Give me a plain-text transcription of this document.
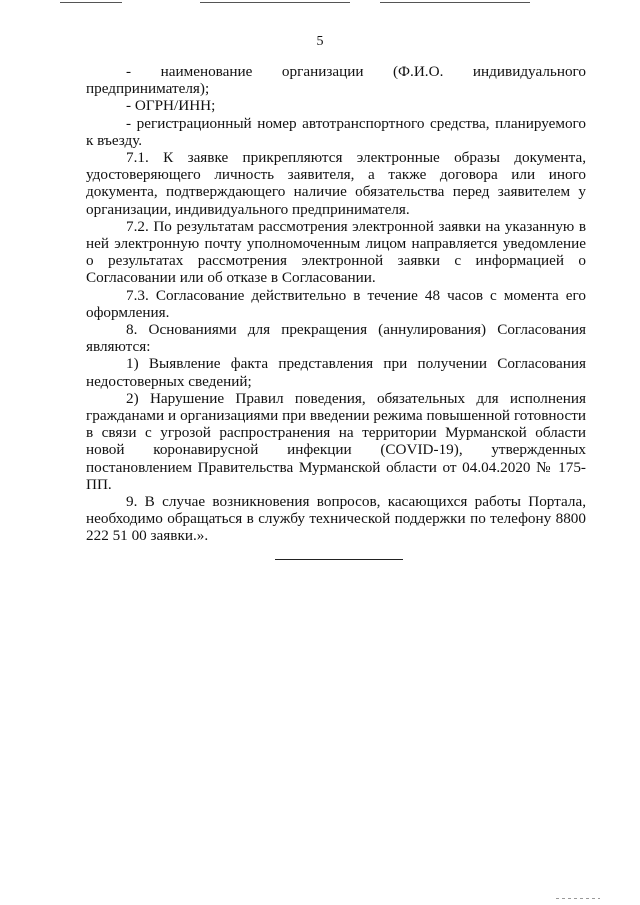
5

- наименование организации (Ф.И.О. индивидуального предпринимателя);

- ОГРН/ИНН;

- регистрационный номер автотранспортного средства, планируемого к въезду.

7.1. К заявке прикрепляются электронные образы документа, удостоверяющего личность заявителя, а также договора или иного документа, подтверждающего наличие обязательства перед заявителем у организации, индивидуального предпринимателя.

7.2. По результатам рассмотрения электронной заявки на указанную в ней электронную почту уполномоченным лицом направляется уведомление о результатах рассмотрения электронной заявки с информацией о Согласовании или об отказе в Согласовании.

7.3. Согласование действительно в течение 48 часов с момента его оформления.

8. Основаниями для прекращения (аннулирования) Согласования являются:

1) Выявление факта представления при получении Согласования недостоверных сведений;

2) Нарушение Правил поведения, обязательных для исполнения гражданами и организациями при введении режима повышенной готовности в связи с угрозой распространения на территории Мурманской области новой коронавирусной инфекции (COVID-19), утвержденных постановлением Правительства Мурманской области от 04.04.2020 № 175-ПП.

9. В случае возникновения вопросов, касающихся работы Портала, необходимо обращаться в службу технической поддержки по телефону 8800 222 51 00 заявки.».
